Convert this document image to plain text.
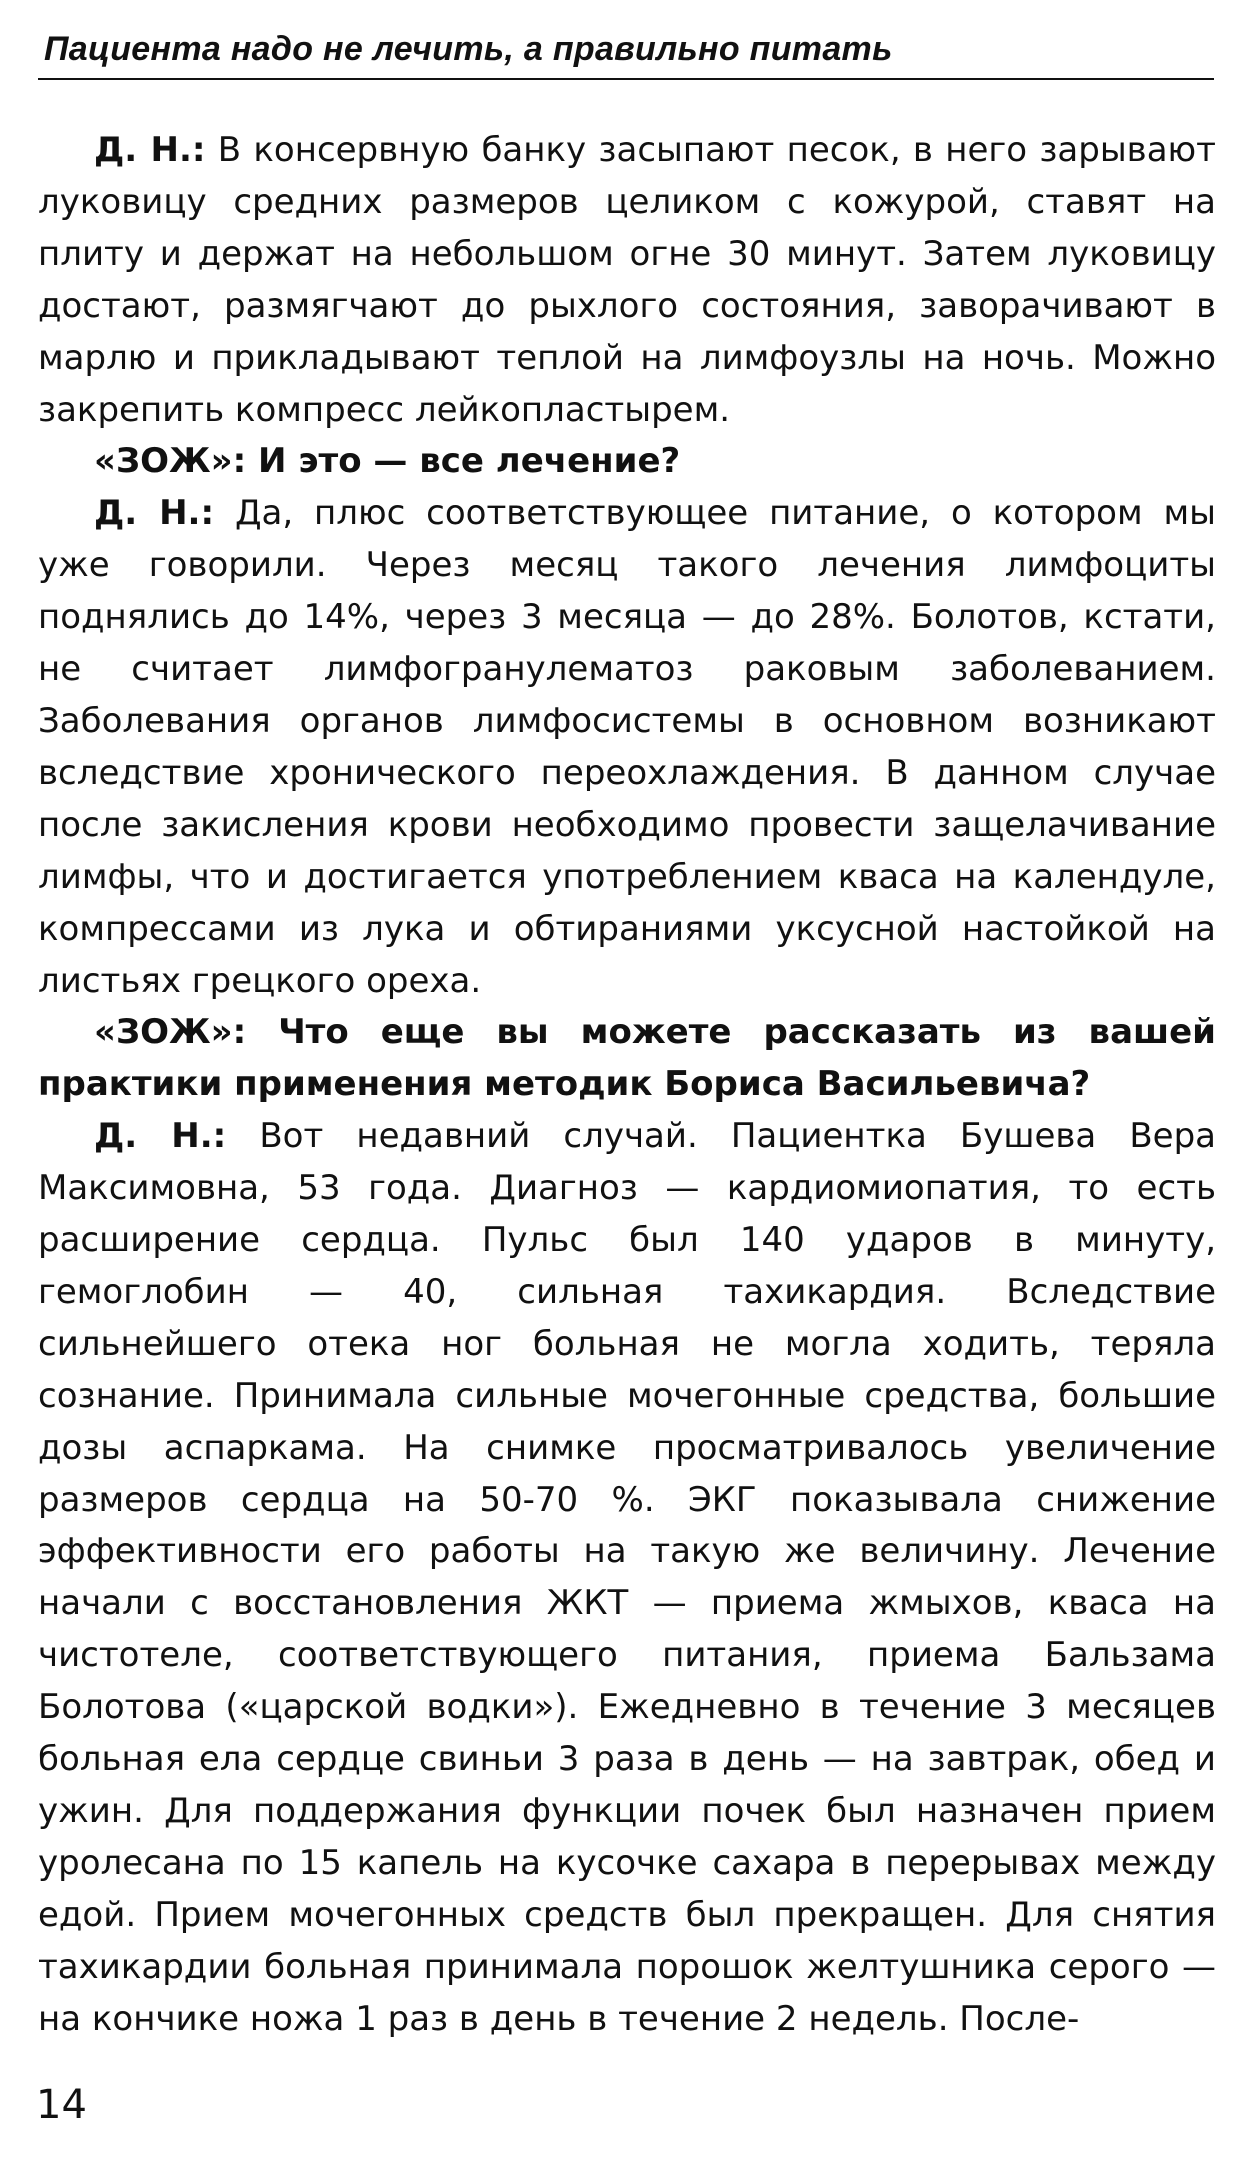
Пациента надо не лечить, а правильно питать

Д. Н.: В консервную банку засыпают песок, в него зарывают луковицу средних размеров целиком с кожурой, ставят на плиту и держат на небольшом огне 30 минут. Затем луковицу достают, размягчают до рыхлого состояния, заворачивают в марлю и прикладывают теплой на лимфоузлы на ночь. Можно закрепить компресс лейкопластырем.

«ЗОЖ»: И это — все лечение?

Д. Н.: Да, плюс соответствующее питание, о котором мы уже говорили. Через месяц такого лечения лимфоциты поднялись до 14%, через 3 месяца — до 28%. Болотов, кстати, не считает лимфогранулематоз раковым заболеванием. Заболевания органов лимфосистемы в основном возникают вследствие хронического переохлаждения. В данном случае после закисления крови необходимо провести защелачивание лимфы, что и достигается употреблением кваса на календуле, компрессами из лука и обтираниями уксусной настойкой на листьях грецкого ореха.

«ЗОЖ»: Что еще вы можете рассказать из вашей практики применения методик Бориса Васильевича?

Д. Н.: Вот недавний случай. Пациентка Бушева Вера Максимовна, 53 года. Диагноз — кардиомиопатия, то есть расширение сердца. Пульс был 140 ударов в минуту, гемоглобин — 40, сильная тахикардия. Вследствие сильнейшего отека ног больная не могла ходить, теряла сознание. Принимала сильные мочегонные средства, большие дозы аспаркама. На снимке просматривалось увеличение размеров сердца на 50-70 %. ЭКГ показывала снижение эффективности его работы на такую же величину. Лечение начали с восстановления ЖКТ — приема жмыхов, кваса на чистотеле, соответствующего питания, приема Бальзама Болотова («царской водки»). Ежедневно в течение 3 месяцев больная ела сердце свиньи 3 раза в день — на завтрак, обед и ужин. Для поддержания функции почек был назначен прием уролесана по 15 капель на кусочке сахара в перерывах между едой. Прием мочегонных средств был прекращен. Для снятия тахикардии больная принимала порошок желтушника серого — на кончике ножа 1 раз в день в течение 2 недель. После-

14
